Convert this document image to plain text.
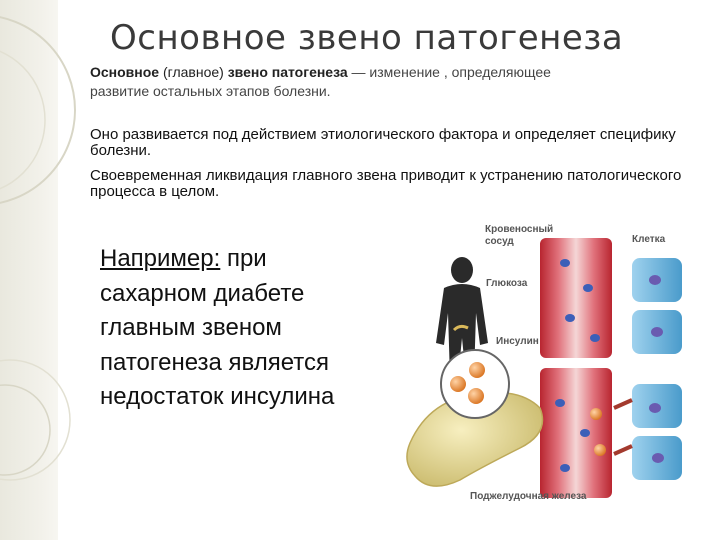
Основное звено патогенеза
Основное (главное) звено патогенеза — изменение , определяющее
развитие остальных этапов болезни.
Оно развивается под действием этиологического фактора и определяет специфику болезни.
Своевременная ликвидация главного звена приводит к устранению патологического процесса в целом.
Например: при сахарном диабете главным звеном патогенеза является недостаток инсулина
Кровеносный сосуд	Клетка
Глюкоза
Инсулин
Поджелудочная железа
